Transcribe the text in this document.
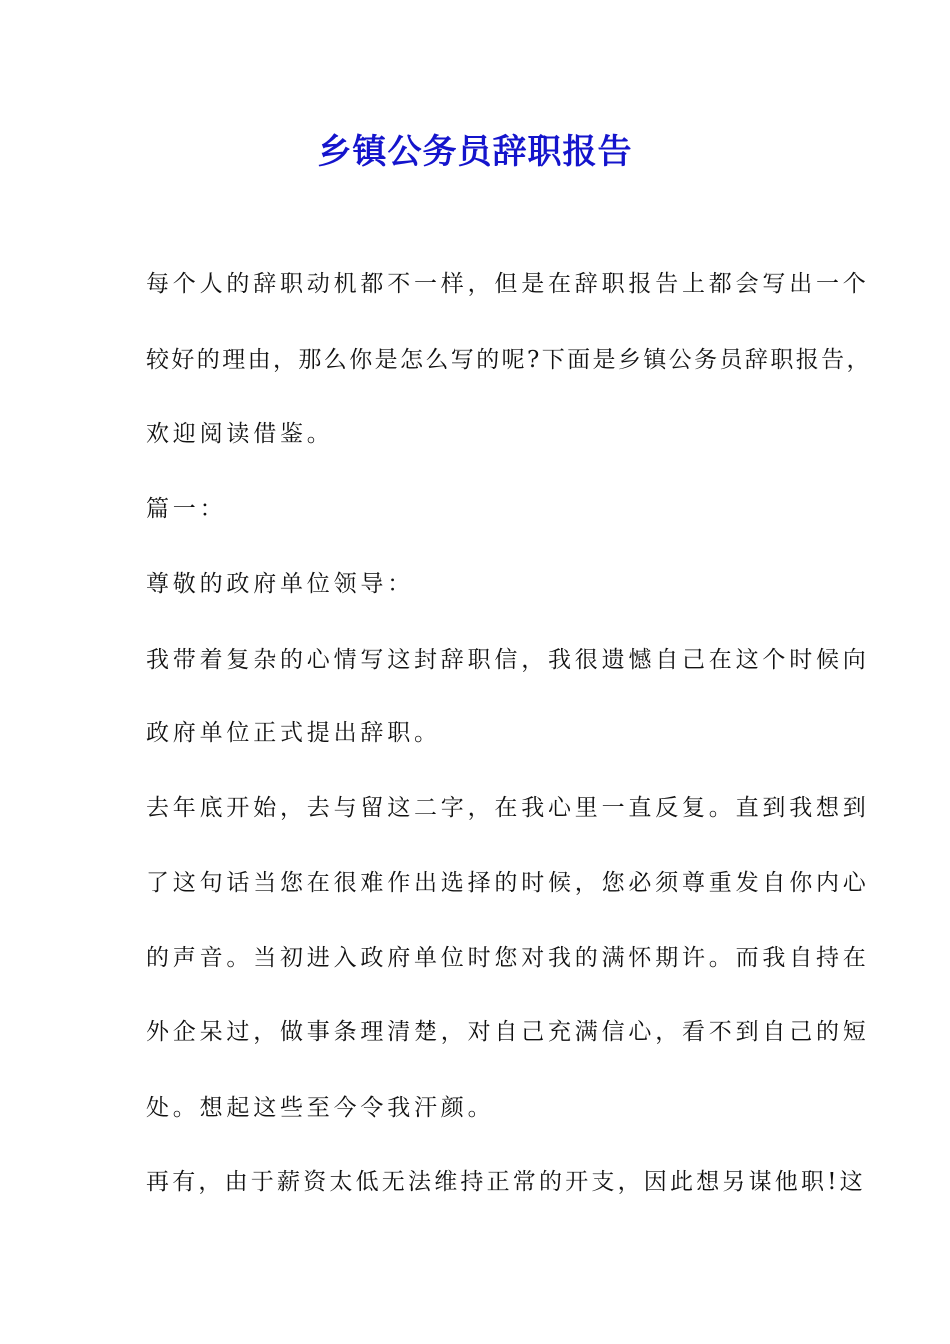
乡镇公务员辞职报告
每个人的辞职动机都不一样，但是在辞职报告上都会写出一个
较好的理由，那么你是怎么写的呢?下面是乡镇公务员辞职报告，
欢迎阅读借鉴。
篇一：
尊敬的政府单位领导：
我带着复杂的心情写这封辞职信，我很遗憾自己在这个时候向
政府单位正式提出辞职。
去年底开始，去与留这二字，在我心里一直反复。直到我想到
了这句话当您在很难作出选择的时候，您必须尊重发自你内心
的声音。当初进入政府单位时您对我的满怀期许。而我自持在
外企呆过，做事条理清楚，对自己充满信心，看不到自己的短
处。想起这些至今令我汗颜。
再有，由于薪资太低无法维持正常的开支，因此想另谋他职!这
